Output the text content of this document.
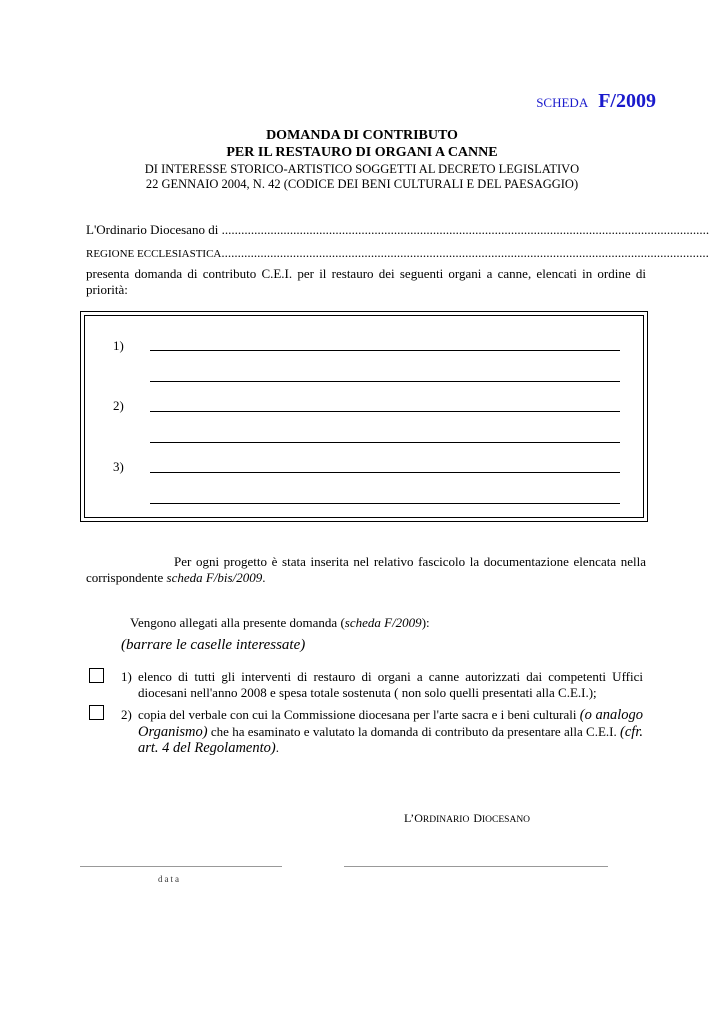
SCHEDA F/2009
DOMANDA DI CONTRIBUTO
PER IL RESTAURO DI ORGANI A CANNE
DI INTERESSE STORICO-ARTISTICO SOGGETTI AL DECRETO LEGISLATIVO
22 GENNAIO 2004, N. 42 (CODICE DEI BENI CULTURALI E DEL PAESAGGIO)
L'Ordinario Diocesano di ......................................................................................................................................................
REGIONE ECCLESIASTICA......................................................................................................................................................
presenta domanda di contributo C.E.I. per il restauro dei seguenti organi a canne, elencati in ordine di priorità:
1)
2)
3)
Per ogni progetto è stata inserita nel relativo fascicolo la documentazione elencata nella corrispondente scheda F/bis/2009.
Vengono allegati alla presente domanda (scheda F/2009):
(barrare le caselle interessate)
1) elenco di tutti gli interventi di restauro di organi a canne autorizzati dai competenti Uffici diocesani nell'anno 2008 e spesa totale sostenuta ( non solo quelli presentati alla C.E.I.);
2) copia del verbale con cui la Commissione diocesana per l'arte sacra e i beni culturali (o analogo Organismo) che ha esaminato e valutato la domanda di contributo da presentare alla C.E.I. (cfr. art. 4 del Regolamento).
L’ORDINARIO DIOCESANO
data
